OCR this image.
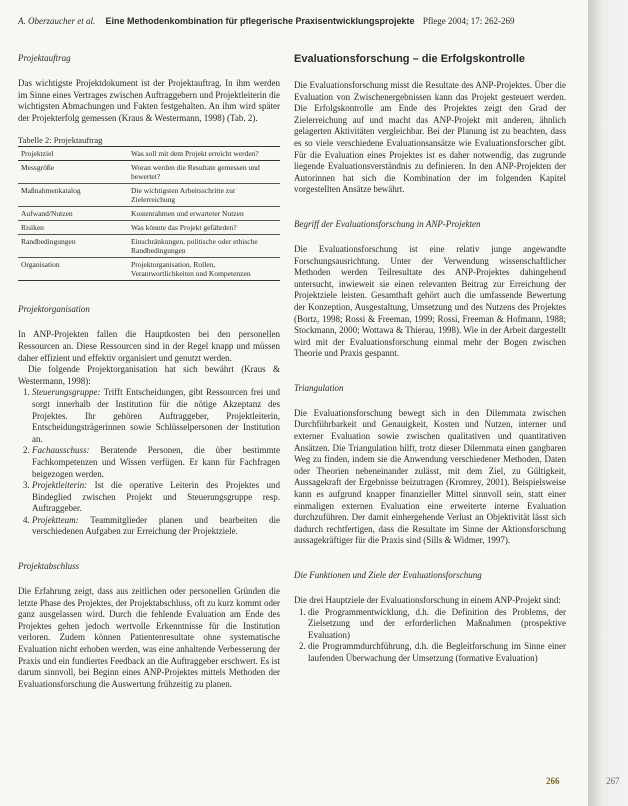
A. Oberzaucher et al. Eine Methodenkombination für pflegerische Praxisentwicklungsprojekte Pflege 2004; 17: 262-269
Projektauftrag

Das wichtigste Projektdokument ist der Projektauftrag. In ihm werden im Sinne eines Vertrages zwischen Auftraggebern und Projektleiterin die wichtigsten Abmachungen und Fakten festgehalten. An ihm wird später der Projekterfolg gemessen (Kraus & Westermann, 1998) (Tab. 2).

Tabelle 2: Projektauftrag
Projektziel	Was soll mit dem Projekt erreicht werden?
Messgröße	Woran werden die Resultate gemessen und bewertet?
Maßnahmenkatalog	Die wichtigsten Arbeitsschritte zur Zielerreichung
Aufwand/Nutzen	Kostenrahmen und erwarteter Nutzen
Risiken	Was könnte das Projekt gefährden?
Randbedingungen	Einschränkungen, politische oder ethische Randbedingungen
Organisation	Projektorganisation, Rollen, Verantwortlichkeiten und Kompetenzen
Projektorganisation

In ANP-Projekten fallen die Hauptkosten bei den personellen Ressourcen an. Diese Ressourcen sind in der Regel knapp und müssen daher effizient und effektiv organisiert und genutzt werden.

Die folgende Projektorganisation hat sich bewährt (Kraus & Westermann, 1998):

1. Steuerungsgruppe: Trifft Entscheidungen, gibt Ressourcen frei und sorgt innerhalb der Institution für die nötige Akzeptanz des Projektes. Ihr gehören Auftraggeber, Projektleiterin, Entscheidungsträgerinnen sowie Schlüsselpersonen der Institution an.
2. Fachausschuss: Beratende Personen, die über bestimmte Fachkompetenzen und Wissen verfügen. Er kann für Fachfragen beigezogen werden.
3. Projektleiterin: Ist die operative Leiterin des Projektes und Bindeglied zwischen Projekt und Steuerungsgruppe resp. Auftraggeber.
4. Projektteam: Teammitglieder planen und bearbeiten die verschiedenen Aufgaben zur Erreichung der Projektziele.
Projektabschluss

Die Erfahrung zeigt, dass aus zeitlichen oder personellen Gründen die letzte Phase des Projektes, der Projektabschluss, oft zu kurz kommt oder ganz ausgelassen wird. Durch die fehlende Evaluation am Ende des Projektes gehen jedoch wertvolle Erkenntnisse für die Institution verloren. Zudem können Patientenresultate ohne systematische Evaluation nicht erhoben werden, was eine anhaltende Verbesserung der Praxis und ein fundiertes Feedback an die Auftraggeber erschwert. Es ist darum sinnvoll, bei Beginn eines ANP-Projektes mittels Methoden der Evaluationsforschung die Auswertung frühzeitig zu planen.

Evaluationsforschung – die Erfolgskontrolle

Die Evaluationsforschung misst die Resultate des ANP-Projektes. Über die Evaluation von Zwischenergebnissen kann das Projekt gesteuert werden. Die Erfolgskontrolle am Ende des Projektes zeigt den Grad der Zielerreichung auf und macht das ANP-Projekt mit anderen, ähnlich gelagerten Aktivitäten vergleichbar. Bei der Planung ist zu beachten, dass es so viele verschiedene Evaluationsansätze wie Evaluationsforscher gibt. Für die Evaluation eines Projektes ist es daher notwendig, das zugrunde liegende Evaluationsverständnis zu definieren. In den ANP-Projekten der Autorinnen hat sich die Kombination der im folgenden Kapitel vorgestellten Ansätze bewährt.

Begriff der Evaluationsforschung in ANP-Projekten

Die Evaluationsforschung ist eine relativ junge angewandte Forschungsausrichtung. Unter der Verwendung wissenschaftlicher Methoden werden Teilresultate des ANP-Projektes dahingehend untersucht, inwieweit sie einen relevanten Beitrag zur Erreichung der Projektziele leisten. Gesamthaft gehört auch die umfassende Bewertung der Konzeption, Ausgestaltung, Umsetzung und des Nutzens des Projektes (Bortz, 1998; Rossi & Freeman, 1999; Rossi, Freeman & Hofmann, 1988; Stockmann, 2000; Wottawa & Thierau, 1998). Wie in der Arbeit dargestellt wird mit der Evaluationsforschung einmal mehr der Bogen zwischen Theorie und Praxis gespannt.

Triangulation

Die Evaluationsforschung bewegt sich in den Dilemmata zwischen Durchführbarkeit und Genauigkeit, Kosten und Nutzen, interner und externer Evaluation sowie zwischen qualitativen und quantitativen Ansätzen. Die Triangulation hilft, trotz dieser Dilemmata einen gangbaren Weg zu finden, indem sie die Anwendung verschiedener Methoden, Daten oder Theorien nebeneinander zulässt, mit dem Ziel, zu Gültigkeit, Aussagekraft der Ergebnisse beizutragen (Kromrey, 2001). Beispielsweise kann es aufgrund knapper finanzieller Mittel sinnvoll sein, statt einer einmaligen externen Evaluation eine erweiterte interne Evaluation durchzuführen. Der damit einhergehende Verlust an Objektivität lässt sich dadurch rechtfertigen, dass die Resultate im Sinne der Aktionsforschung aussagekräftiger für die Praxis sind (Sills & Widmer, 1997).

Die Funktionen und Ziele der Evaluationsforschung

Die drei Hauptziele der Evaluationsforschung in einem ANP-Projekt sind:

1. die Programmentwicklung, d.h. die Definition des Problems, der Zielsetzung und der erforderlichen Maßnahmen (prospektive Evaluation)
2. die Programmdurchführung, d.h. die Begleitforschung im Sinne einer laufenden Überwachung der Umsetzung (formative Evaluation)
266	267
